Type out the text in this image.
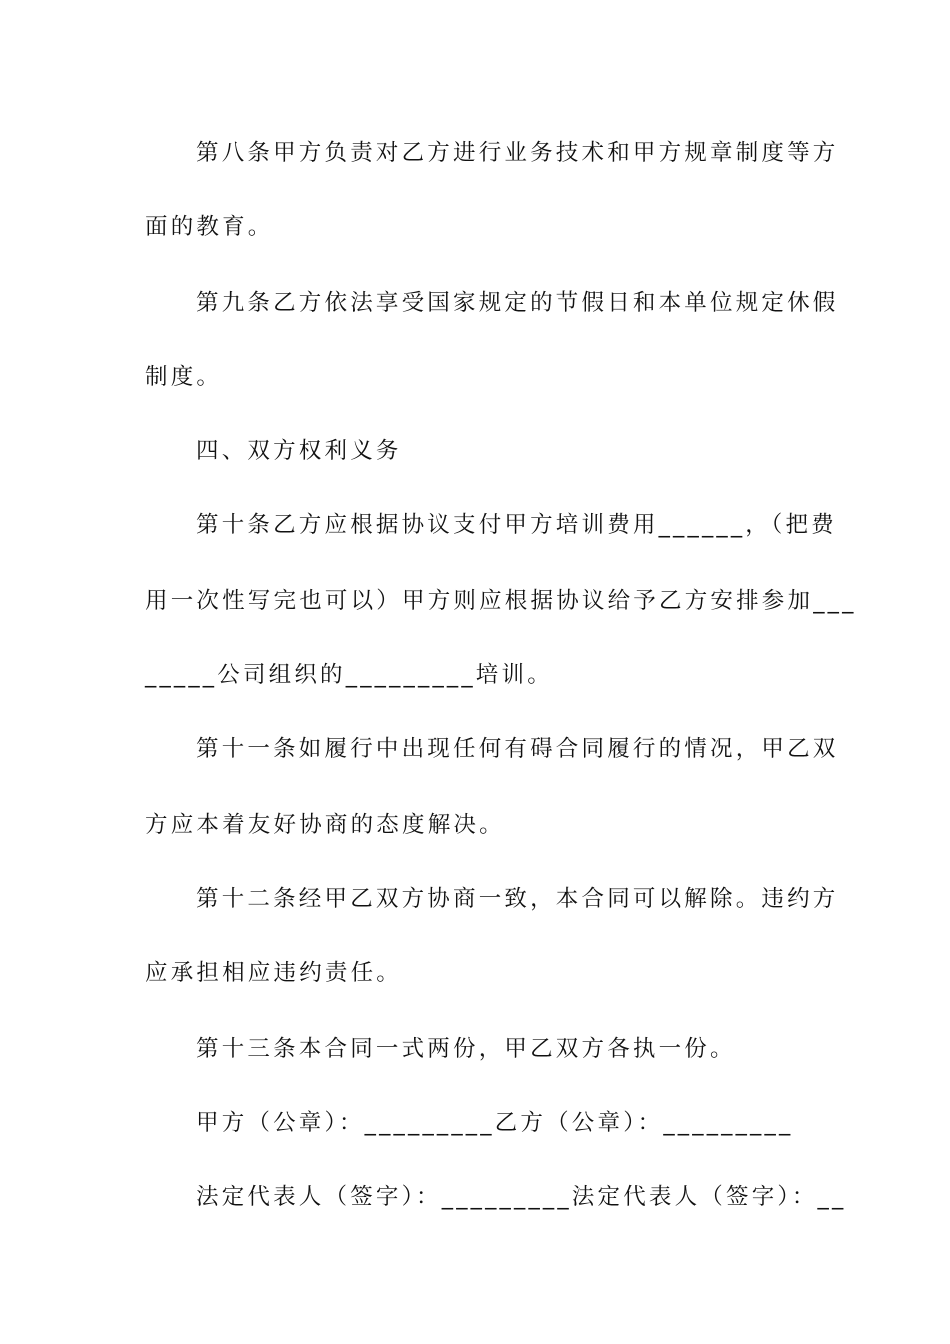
第八条甲方负责对乙方进行业务技术和甲方规章制度等方
面的教育。
第九条乙方依法享受国家规定的节假日和本单位规定休假
制度。
四、双方权利义务
第十条乙方应根据协议支付甲方培训费用______，（把费
用一次性写完也可以）甲方则应根据协议给予乙方安排参加___
_____公司组织的_________培训。
第十一条如履行中出现任何有碍合同履行的情况，甲乙双
方应本着友好协商的态度解决。
第十二条经甲乙双方协商一致，本合同可以解除。违约方
应承担相应违约责任。
第十三条本合同一式两份，甲乙双方各执一份。
甲方（公章）：_________乙方（公章）：_________
法定代表人（签字）：_________法定代表人（签字）：__
